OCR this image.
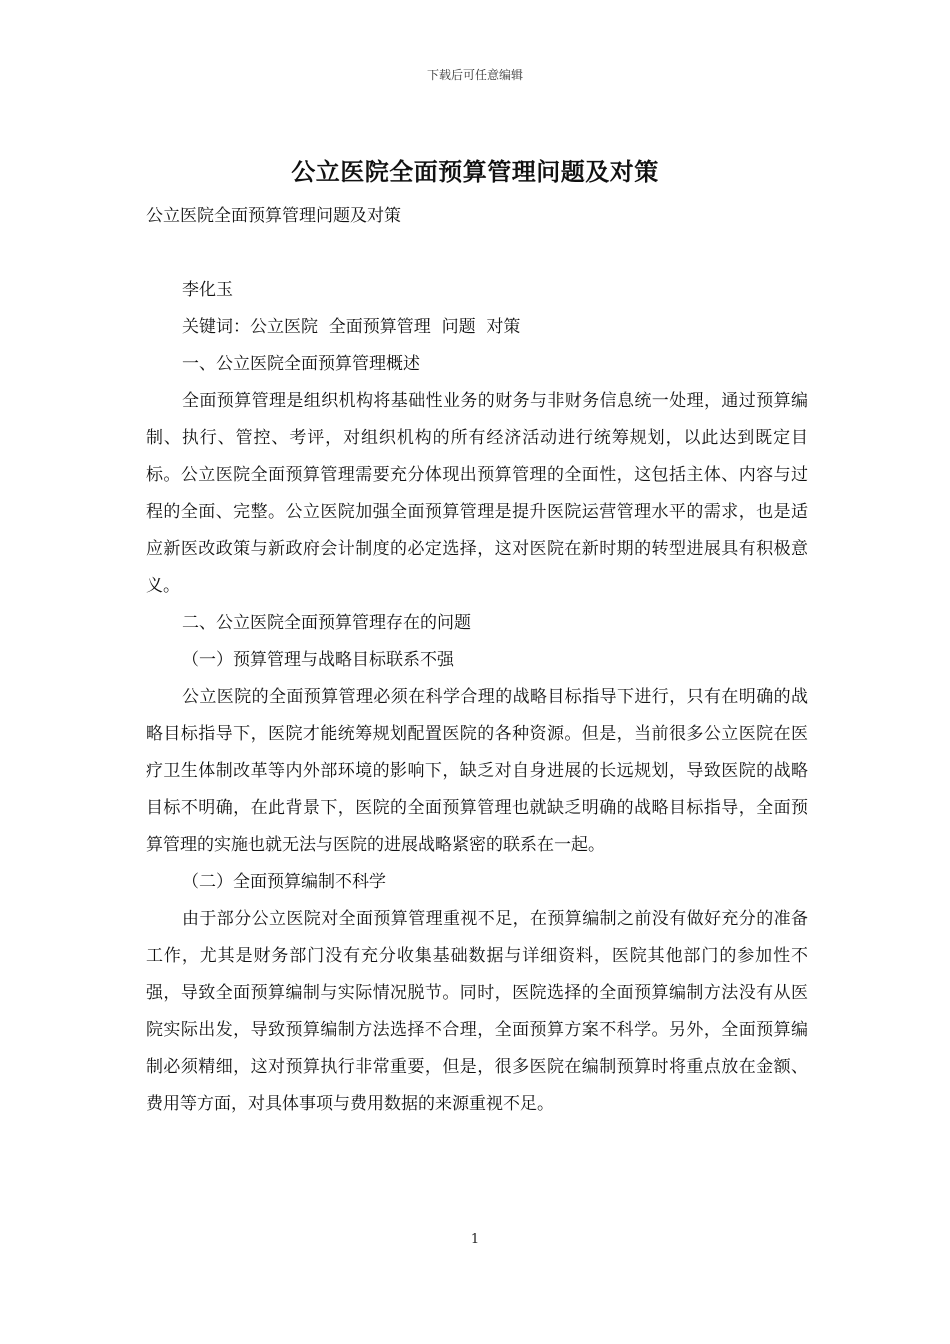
下载后可任意编辑
公立医院全面预算管理问题及对策

公立医院全面预算管理问题及对策

李化玉

关键词：公立医院  全面预算管理  问题  对策

一、公立医院全面预算管理概述

全面预算管理是组织机构将基础性业务的财务与非财务信息统一处理，通过预算编制、执行、管控、考评，对组织机构的所有经济活动进行统筹规划，以此达到既定目标。公立医院全面预算管理需要充分体现出预算管理的全面性，这包括主体、内容与过程的全面、完整。公立医院加强全面预算管理是提升医院运营管理水平的需求，也是适应新医改政策与新政府会计制度的必定选择，这对医院在新时期的转型进展具有积极意义。

二、公立医院全面预算管理存在的问题

（一）预算管理与战略目标联系不强

公立医院的全面预算管理必须在科学合理的战略目标指导下进行，只有在明确的战略目标指导下，医院才能统筹规划配置医院的各种资源。但是，当前很多公立医院在医疗卫生体制改革等内外部环境的影响下，缺乏对自身进展的长远规划，导致医院的战略目标不明确，在此背景下，医院的全面预算管理也就缺乏明确的战略目标指导，全面预算管理的实施也就无法与医院的进展战略紧密的联系在一起。

（二）全面预算编制不科学

由于部分公立医院对全面预算管理重视不足，在预算编制之前没有做好充分的准备工作，尤其是财务部门没有充分收集基础数据与详细资料，医院其他部门的参加性不强，导致全面预算编制与实际情况脱节。同时，医院选择的全面预算编制方法没有从医院实际出发，导致预算编制方法选择不合理，全面预算方案不科学。另外，全面预算编制必须精细，这对预算执行非常重要，但是，很多医院在编制预算时将重点放在金额、费用等方面，对具体事项与费用数据的来源重视不足。

1
